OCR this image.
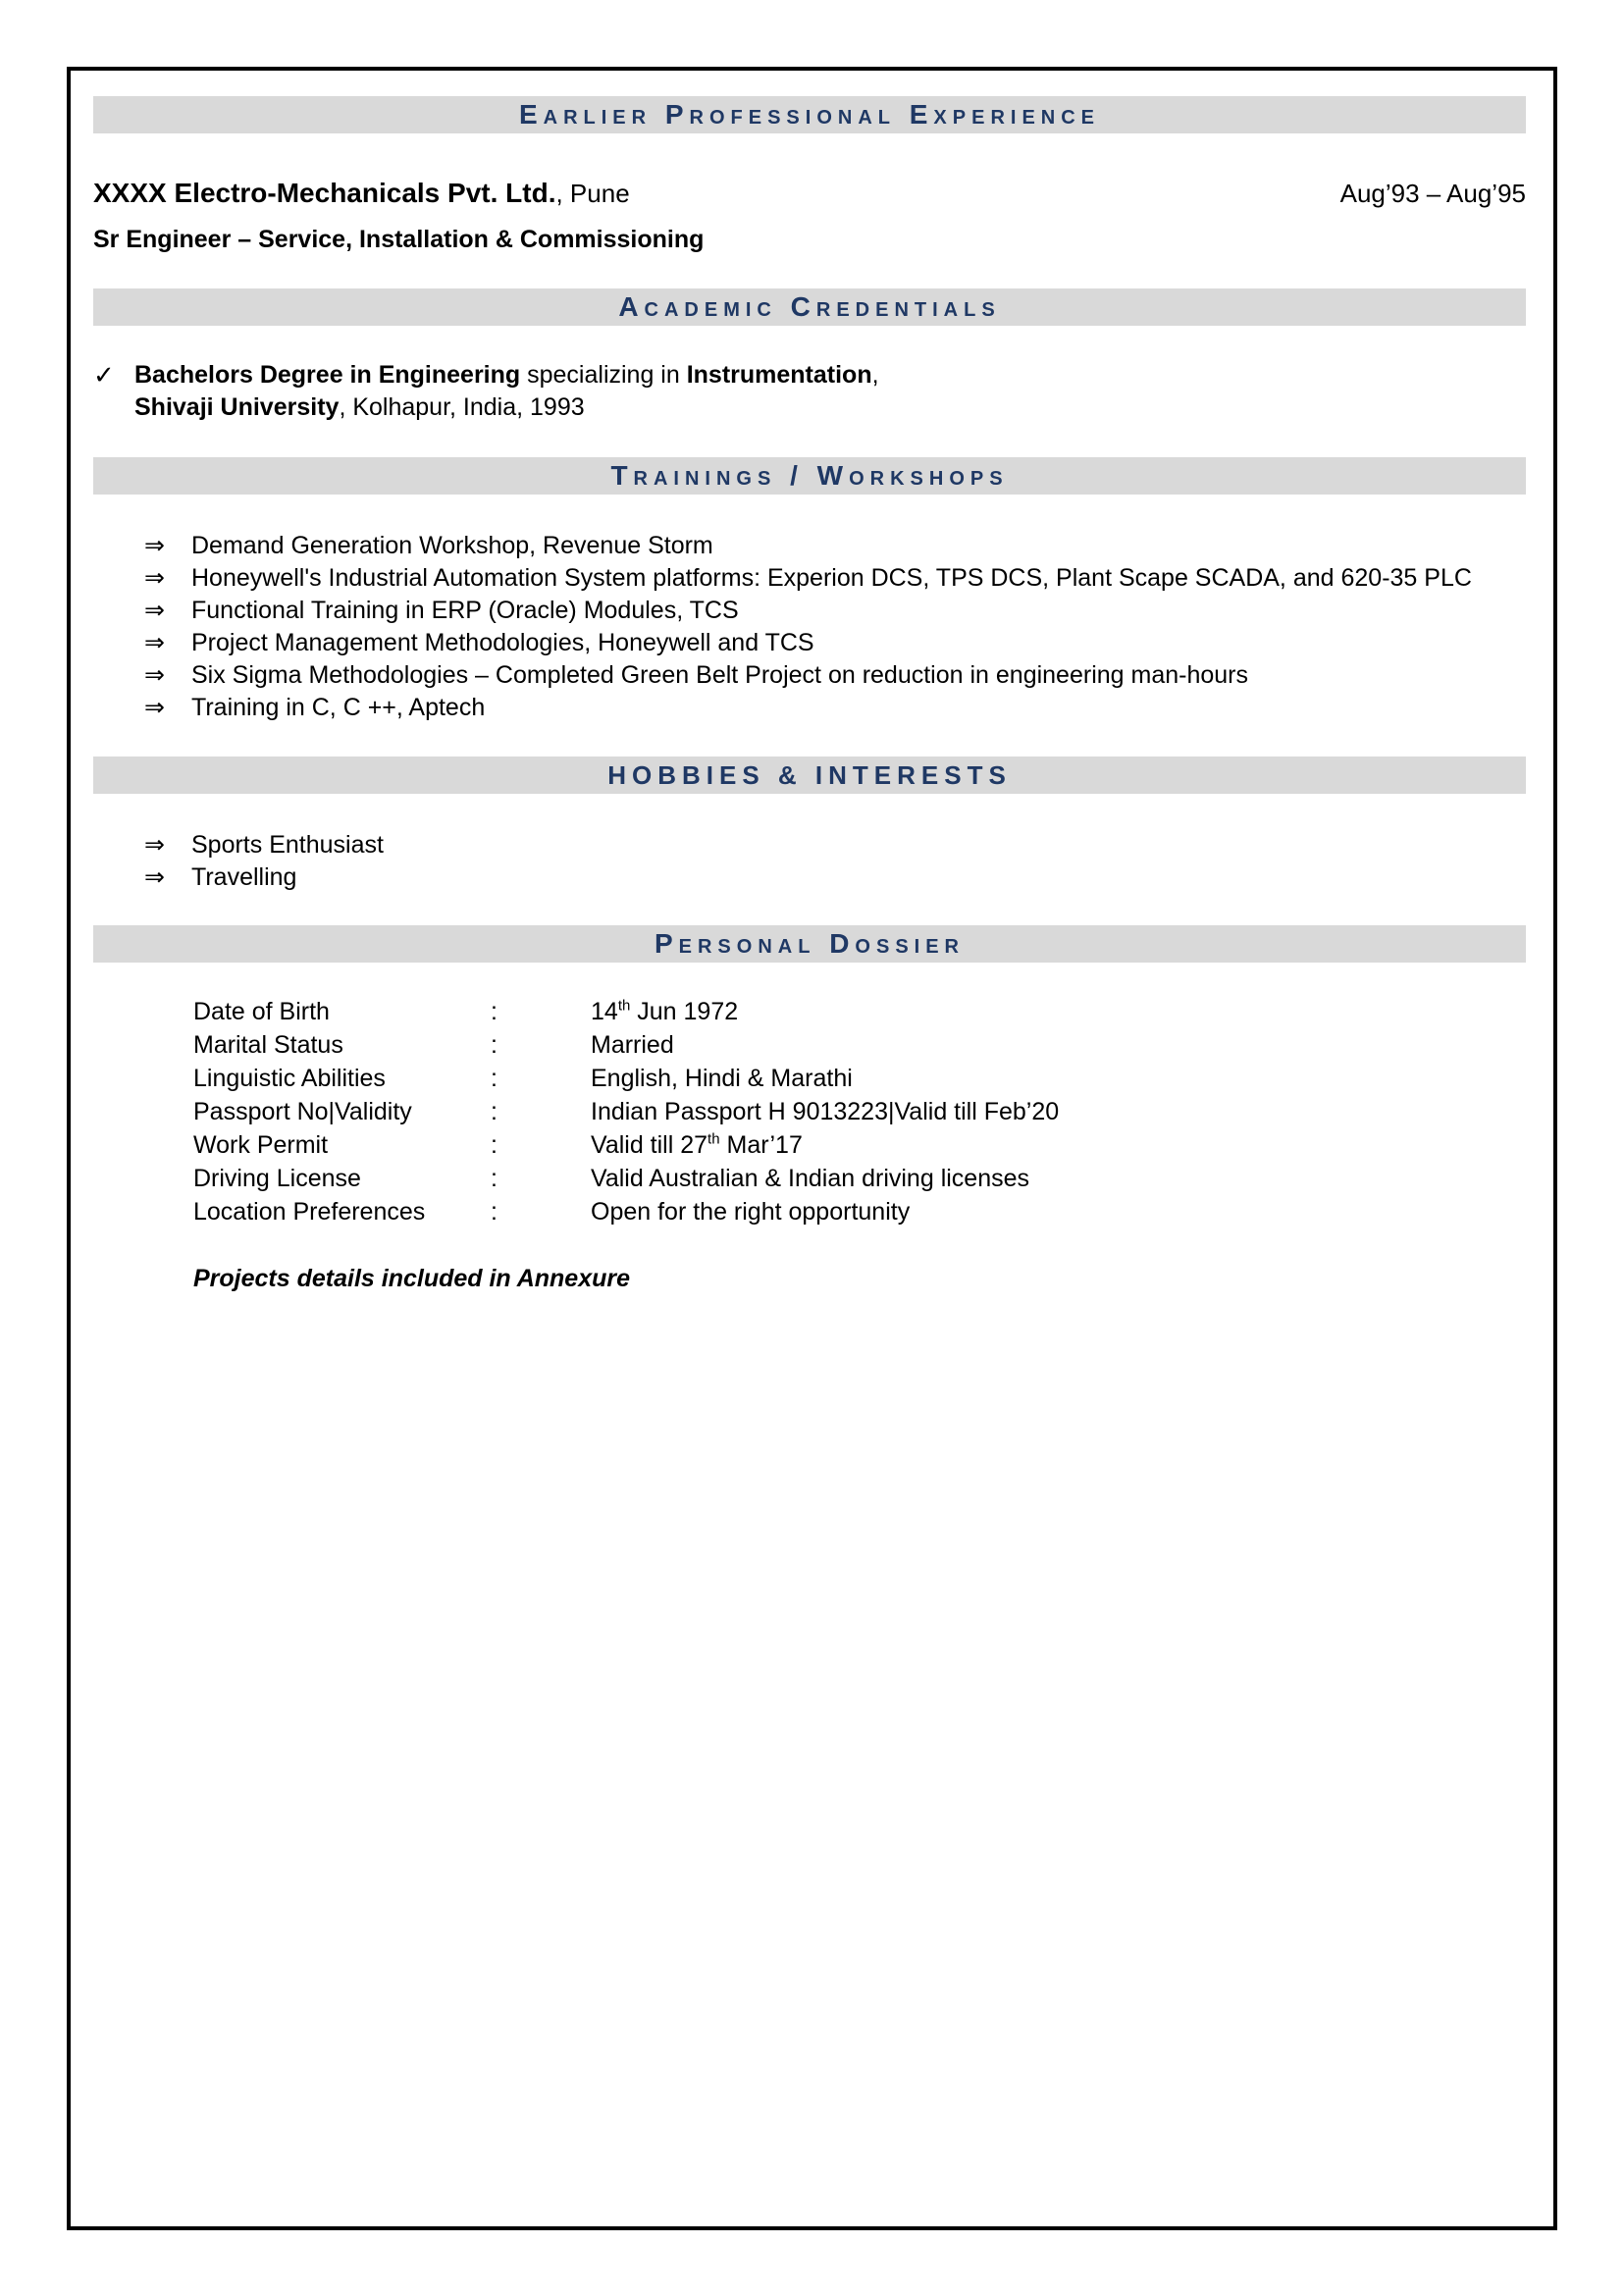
Earlier Professional Experience
XXXX Electro-Mechanicals Pvt. Ltd., Pune	Aug’93 – Aug’95
Sr Engineer – Service, Installation & Commissioning
Academic Credentials
✓ Bachelors Degree in Engineering specializing in Instrumentation,
Shivaji University, Kolhapur, India, 1993
Trainings / Workshops
⇒	Demand Generation Workshop, Revenue Storm
⇒	Honeywell's Industrial Automation System platforms: Experion DCS, TPS DCS, Plant Scape SCADA, and 620-35 PLC
⇒	Functional Training in ERP (Oracle) Modules, TCS
⇒	Project Management Methodologies, Honeywell and TCS
⇒	Six Sigma Methodologies – Completed Green Belt Project on reduction in engineering man-hours
⇒	Training in C, C ++, Aptech
HOBBIES & INTERESTS
⇒	Sports Enthusiast
⇒	Travelling
Personal Dossier
Date of Birth	:	14th Jun 1972
Marital Status	:	Married
Linguistic Abilities	:	English, Hindi & Marathi
Passport No|Validity	:	Indian Passport H 9013223|Valid till Feb’20
Work Permit	:	Valid till 27th Mar’17
Driving License	:	Valid Australian & Indian driving licenses
Location Preferences	:	Open for the right opportunity
Projects details included in Annexure
